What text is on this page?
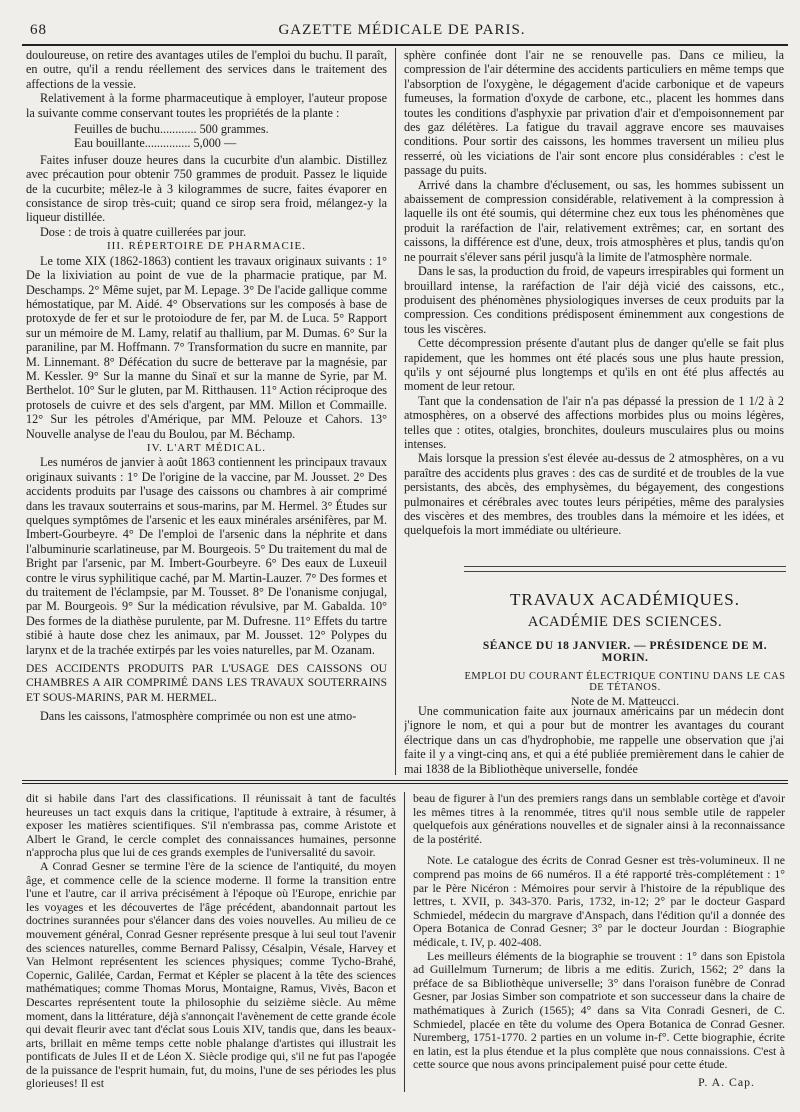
68	GAZETTE MÉDICALE DE PARIS.

douloureuse, on retire des avantages utiles de l'emploi du buchu. Il paraît, en outre, qu'il a rendu réellement des services dans le traitement des affections de la vessie.

Relativement à la forme pharmaceutique à employer, l'auteur propose la suivante comme conservant toutes les propriétés de la plante :

Feuilles de buchu............ 500 grammes.
Eau bouillante............... 5,000 —

Faites infuser douze heures dans la cucurbite d'un alambic. Distillez avec précaution pour obtenir 750 grammes de produit. Passez le liquide de la cucurbite; mêlez-le à 3 kilogrammes de sucre, faites évaporer en consistance de sirop très-cuit; quand ce sirop sera froid, mélangez-y la liqueur distillée.

Dose : de trois à quatre cuillerées par jour.

III. RÉPERTOIRE DE PHARMACIE.

Le tome XIX (1862-1863) contient les travaux originaux suivants : 1° De la lixiviation au point de vue de la pharmacie pratique, par M. Deschamps. 2° Même sujet, par M. Lepage. 3° De l'acide gallique comme hémostatique, par M. Aidé. 4° Observations sur les composés à base de protoxyde de fer et sur le protoiodure de fer, par M. de Luca. 5° Rapport sur un mémoire de M. Lamy, relatif au thallium, par M. Dumas. 6° Sur la paraniline, par M. Hoffmann. 7° Transformation du sucre en mannite, par M. Linnemant. 8° Défécation du sucre de betterave par la magnésie, par M. Kessler. 9° Sur la manne du Sinaï et sur la manne de Syrie, par M. Berthelot. 10° Sur le gluten, par M. Ritthausen. 11° Action réciproque des protosels de cuivre et des sels d'argent, par MM. Millon et Commaille. 12° Sur les pétroles d'Amérique, par MM. Pelouze et Cahors. 13° Nouvelle analyse de l'eau du Boulou, par M. Béchamp.

IV. L'ART MÉDICAL.

Les numéros de janvier à août 1863 contiennent les principaux travaux originaux suivants : 1° De l'origine de la vaccine, par M. Jousset. 2° Des accidents produits par l'usage des caissons ou chambres à air comprimé dans les travaux souterrains et sous-marins, par M. Hermel. 3° Études sur quelques symptômes de l'arsenic et les eaux minérales arsénifères, par M. Imbert-Gourbeyre. 4° De l'emploi de l'arsenic dans la néphrite et dans l'albuminurie scarlatineuse, par M. Bourgeois. 5° Du traitement du mal de Bright par l'arsenic, par M. Imbert-Gourbeyre. 6° Des eaux de Luxeuil contre le virus syphilitique caché, par M. Martin-Lauzer. 7° Des formes et du traitement de l'éclampsie, par M. Tousset. 8° De l'onanisme conjugal, par M. Bourgeois. 9° Sur la médication révulsive, par M. Gabalda. 10° Des formes de la diathèse purulente, par M. Dufresne. 11° Effets du tartre stibié à haute dose chez les animaux, par M. Jousset. 12° Polypes du larynx et de la trachée extirpés par les voies naturelles, par M. Ozanam.

DES ACCIDENTS PRODUITS PAR L'USAGE DES CAISSONS OU CHAMBRES A AIR COMPRIMÉ DANS LES TRAVAUX SOUTERRAINS ET SOUS-MARINS, PAR M. HERMEL.

Dans les caissons, l'atmosphère comprimée ou non est une atmo-

sphère confinée dont l'air ne se renouvelle pas. Dans ce milieu, la compression de l'air détermine des accidents particuliers en même temps que l'absorption de l'oxygène, le dégagement d'acide carbonique et de vapeurs fumeuses, la formation d'oxyde de carbone, etc., placent les hommes dans toutes les conditions d'asphyxie par privation d'air et d'empoisonnement par des gaz délétères. La fatigue du travail aggrave encore ses mauvaises conditions. Pour sortir des caissons, les hommes traversent un milieu plus resserré, où les viciations de l'air sont encore plus considérables : c'est le passage du puits.

Arrivé dans la chambre d'éclusement, ou sas, les hommes subissent un abaissement de compression considérable, relativement à la compression à laquelle ils ont été soumis, qui détermine chez eux tous les phénomènes que produit la raréfaction de l'air, relativement extrêmes; car, en sortant des caissons, la différence est d'une, deux, trois atmosphères et plus, tandis qu'on ne pourrait s'élever sans péril jusqu'à la limite de l'atmosphère normale.

Dans le sas, la production du froid, de vapeurs irrespirables qui forment un brouillard intense, la raréfaction de l'air déjà vicié des caissons, etc., produisent des phénomènes physiologiques inverses de ceux produits par la compression. Ces conditions prédisposent éminemment aux congestions de tous les viscères.

Cette décompression présente d'autant plus de danger qu'elle se fait plus rapidement, que les hommes ont été placés sous une plus haute pression, qu'ils y ont séjourné plus longtemps et qu'ils en ont été plus affectés au moment de leur retour.

Tant que la condensation de l'air n'a pas dépassé la pression de 1 1/2 à 2 atmosphères, on a observé des affections morbides plus ou moins légères, telles que : otites, otalgies, bronchites, douleurs musculaires plus ou moins intenses.

Mais lorsque la pression s'est élevée au-dessus de 2 atmosphères, on a vu paraître des accidents plus graves : des cas de surdité et de troubles de la vue persistants, des abcès, des emphysèmes, du bégayement, des congestions pulmonaires et cérébrales avec toutes leurs péripéties, même des paralysies des viscères et des membres, des troubles dans la mémoire et les idées, et quelquefois la mort immédiate ou ultérieure.

TRAVAUX ACADÉMIQUES.
ACADÉMIE DES SCIENCES.
SÉANCE DU 18 JANVIER. — PRÉSIDENCE DE M. MORIN.
EMPLOI DU COURANT ÉLECTRIQUE CONTINU DANS LE CAS DE TÉTANOS.
Note de M. Matteucci.

Une communication faite aux journaux américains par un médecin dont j'ignore le nom, et qui a pour but de montrer les avantages du courant électrique dans un cas d'hydrophobie, me rappelle une observation que j'ai faite il y a vingt-cinq ans, et qui a été publiée premièrement dans le cahier de mai 1838 de la Bibliothèque universelle, fondée

dit si habile dans l'art des classifications. Il réunissait à tant de facultés heureuses un tact exquis dans la critique, l'aptitude à extraire, à résumer, à exposer les matières scientifiques. S'il n'embrassa pas, comme Aristote et Albert le Grand, le cercle complet des connaissances humaines, personne n'approcha plus que lui de ces grands exemples de l'universalité du savoir.

A Conrad Gesner se termine l'ère de la science de l'antiquité, du moyen âge, et commence celle de la science moderne. Il forme la transition entre l'une et l'autre, car il arriva précisément à l'époque où l'Europe, enrichie par les voyages et les découvertes de l'âge précédent, abandonnait partout les doctrines surannées pour s'élancer dans des voies nouvelles. Au milieu de ce mouvement général, Conrad Gesner représente presque à lui seul tout l'avenir des sciences naturelles, comme Bernard Palissy, Césalpin, Vésale, Harvey et Van Helmont représentent les sciences physiques; comme Tycho-Brahé, Copernic, Galilée, Cardan, Fermat et Képler se placent à la tête des sciences mathématiques; comme Thomas Morus, Montaigne, Ramus, Vivès, Bacon et Descartes représentent toute la philosophie du seizième siècle. Au même moment, dans la littérature, déjà s'annonçait l'avènement de cette grande école qui devait fleurir avec tant d'éclat sous Louis XIV, tandis que, dans les beaux-arts, brillait en même temps cette noble phalange d'artistes qui illustrait les pontificats de Jules II et de Léon X. Siècle prodige qui, s'il ne fut pas l'apogée de la puissance de l'esprit humain, fut, du moins, l'une de ses périodes les plus glorieuses! Il est

beau de figurer à l'un des premiers rangs dans un semblable cortège et d'avoir les mêmes titres à la renommée, titres qu'il nous semble utile de rappeler quelquefois aux générations nouvelles et de signaler ainsi à la reconnaissance de la postérité.

Note. Le catalogue des écrits de Conrad Gesner est très-volumineux. Il ne comprend pas moins de 66 numéros. Il a été rapporté très-complétement : 1° par le Père Nicéron : Mémoires pour servir à l'histoire de la république des lettres, t. XVII, p. 343-370. Paris, 1732, in-12; 2° par le docteur Gaspard Schmiedel, médecin du margrave d'Anspach, dans l'édition qu'il a donnée des Opera Botanica de Conrad Gesner; 3° par le docteur Jourdan : Biographie médicale, t. IV, p. 402-408.

Les meilleurs éléments de la biographie se trouvent : 1° dans son Epistola ad Guillelmum Turnerum; de libris a me editis. Zurich, 1562; 2° dans la préface de sa Bibliothèque universelle; 3° dans l'oraison funèbre de Conrad Gesner, par Josias Simber son compatriote et son successeur dans la chaire de mathématiques à Zurich (1565); 4° dans sa Vita Conradi Gesneri, de C. Schmiedel, placée en tête du volume des Opera Botanica de Conrad Gesner. Nuremberg, 1751-1770. 2 parties en un volume in-f°. Cette biographie, écrite en latin, est la plus étendue et la plus complète que nous connaissions. C'est à cette source que nous avons principalement puisé pour cette étude.

P. A. Cap.
